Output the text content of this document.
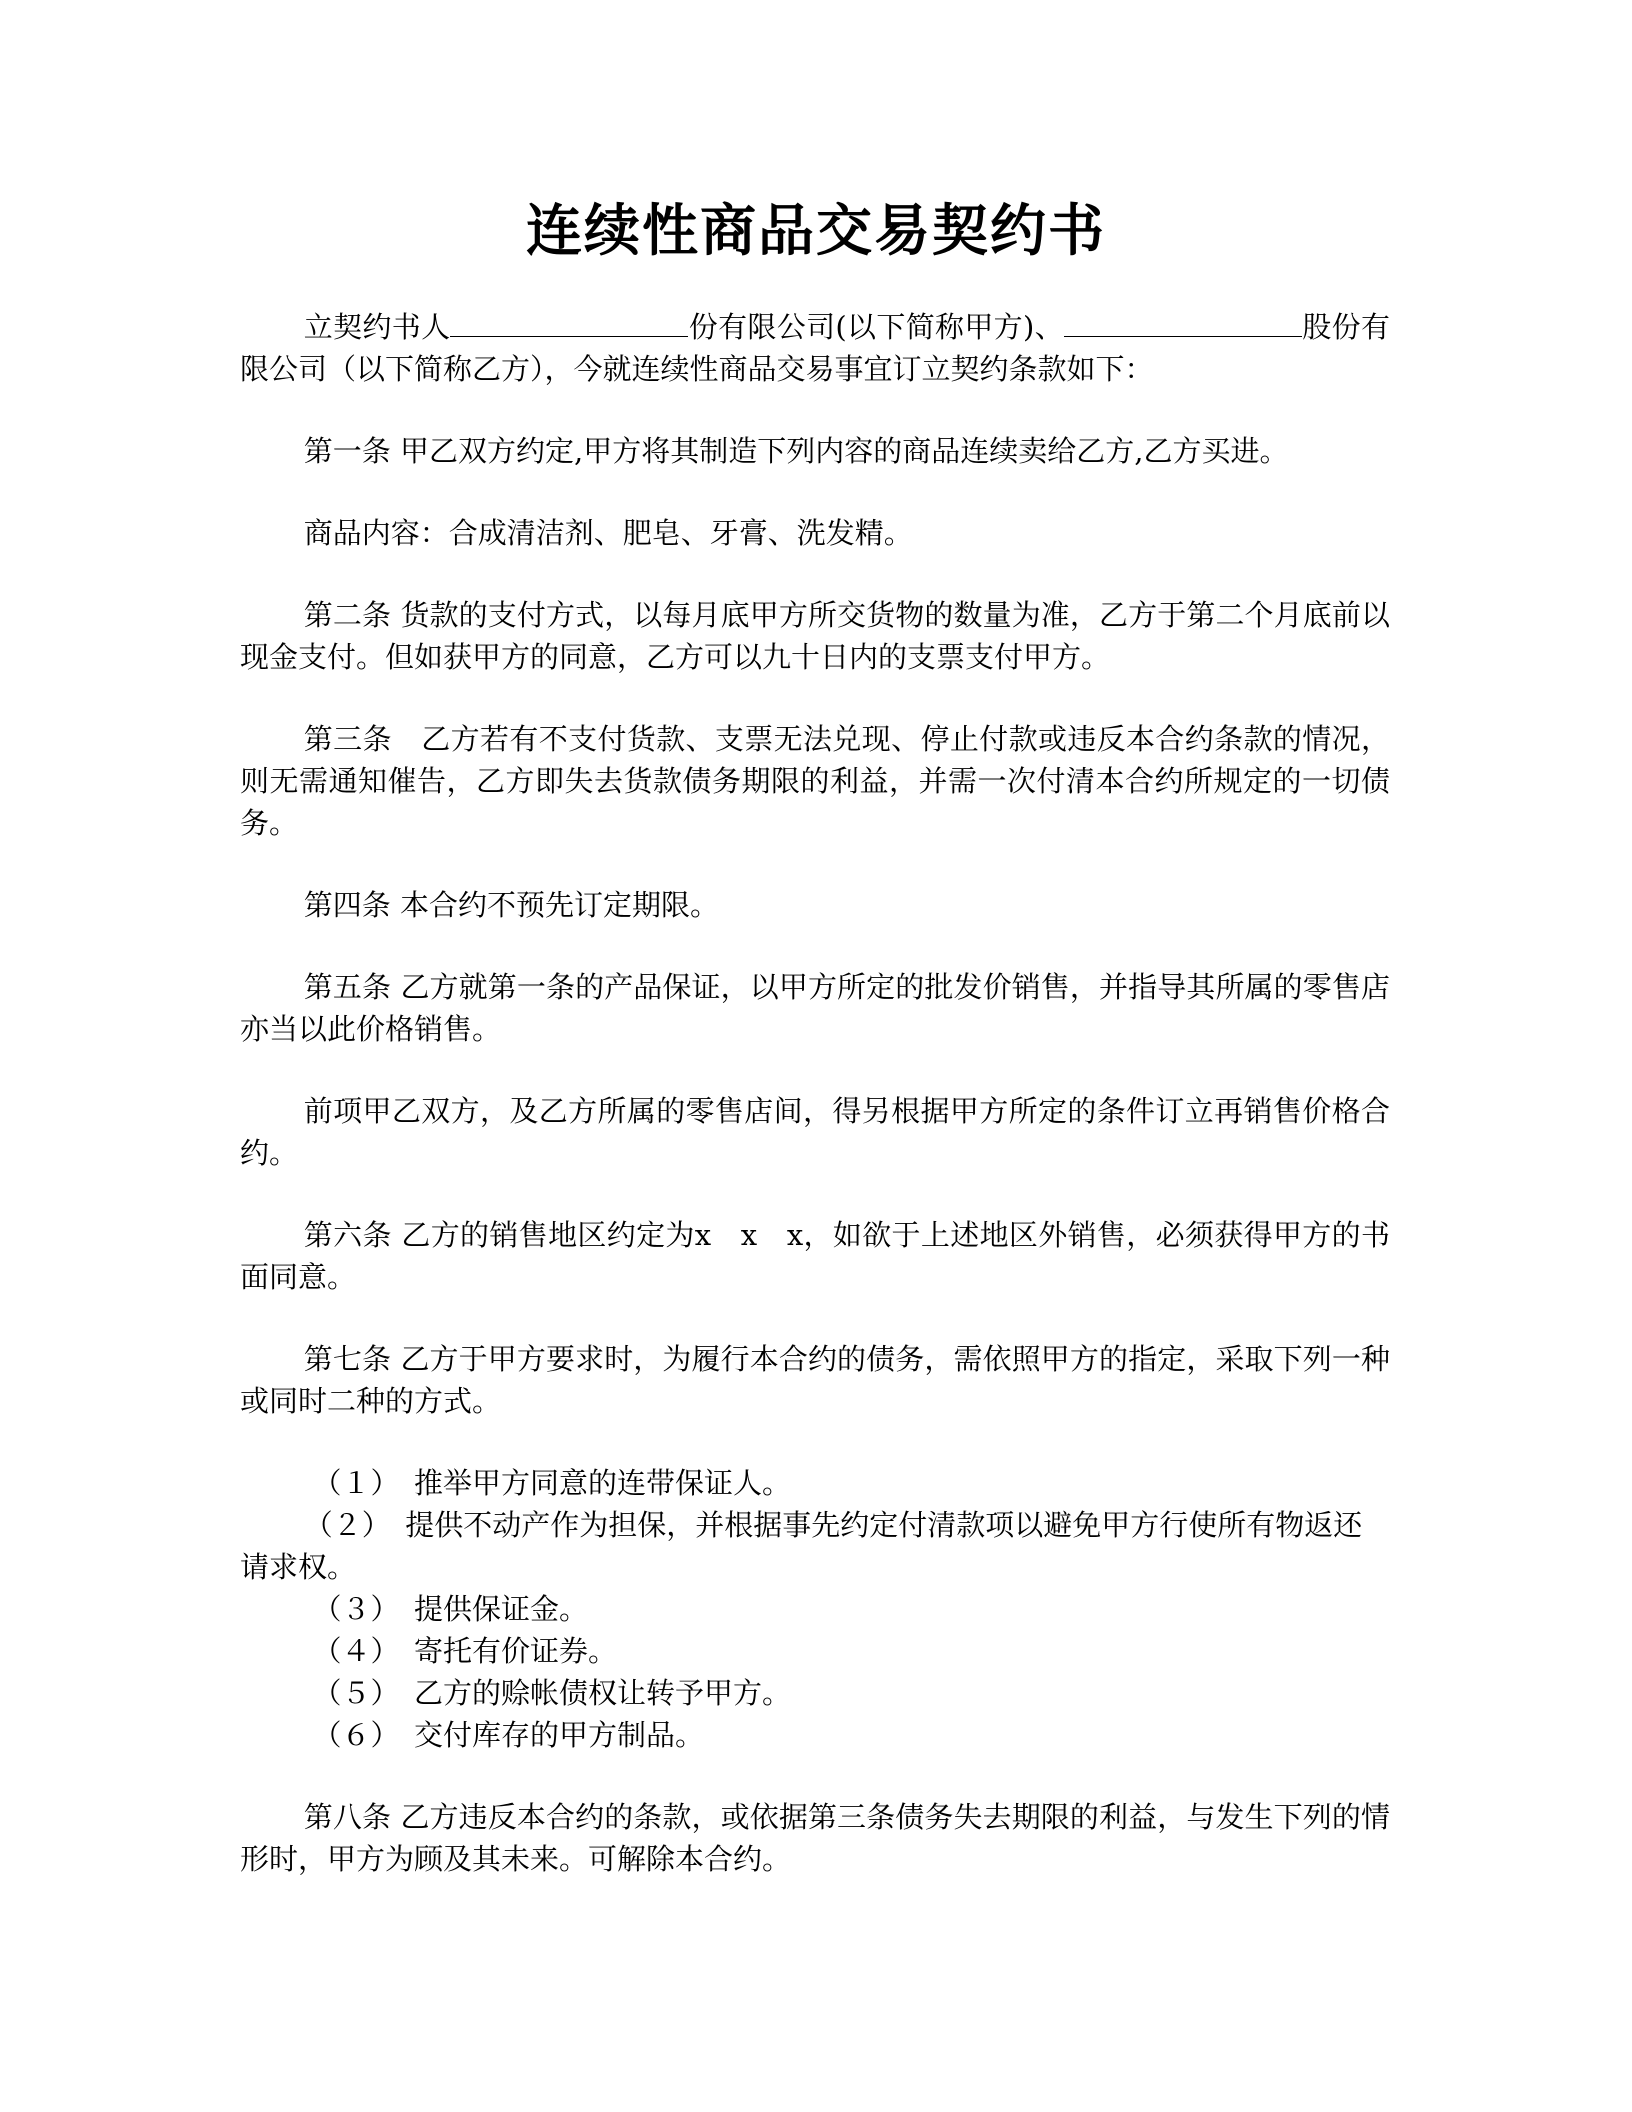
连续性商品交易契约书

立契约书人	份有限公司(以下简称甲方)、	股份有限公司（以下简称乙方），今就连续性商品交易事宜订立契约条款如下：

第一条 甲乙双方约定,甲方将其制造下列内容的商品连续卖给乙方,乙方买进。

商品内容：合成清洁剂、肥皂、牙膏、洗发精。

第二条 货款的支付方式，以每月底甲方所交货物的数量为准，乙方于第二个月底前以现金支付。但如获甲方的同意，乙方可以九十日内的支票支付甲方。

第三条　乙方若有不支付货款、支票无法兑现、停止付款或违反本合约条款的情况，则无需通知催告，乙方即失去货款债务期限的利益，并需一次付清本合约所规定的一切债务。

第四条 本合约不预先订定期限。

第五条 乙方就第一条的产品保证，以甲方所定的批发价销售，并指导其所属的零售店亦当以此价格销售。

前项甲乙双方，及乙方所属的零售店间，得另根据甲方所定的条件订立再销售价格合约。

第六条 乙方的销售地区约定为x　x　x，如欲于上述地区外销售，必须获得甲方的书面同意。

第七条 乙方于甲方要求时，为履行本合约的债务，需依照甲方的指定，采取下列一种或同时二种的方式。

（１）　推举甲方同意的连带保证人。

（２）　提供不动产作为担保，并根据事先约定付清款项以避免甲方行使所有物返还请求权。

（３）　提供保证金。

（４）　寄托有价证券。

（５）　乙方的赊帐债权让转予甲方。

（６）　交付库存的甲方制品。

第八条 乙方违反本合约的条款，或依据第三条债务失去期限的利益，与发生下列的情形时，甲方为顾及其未来。可解除本合约。
